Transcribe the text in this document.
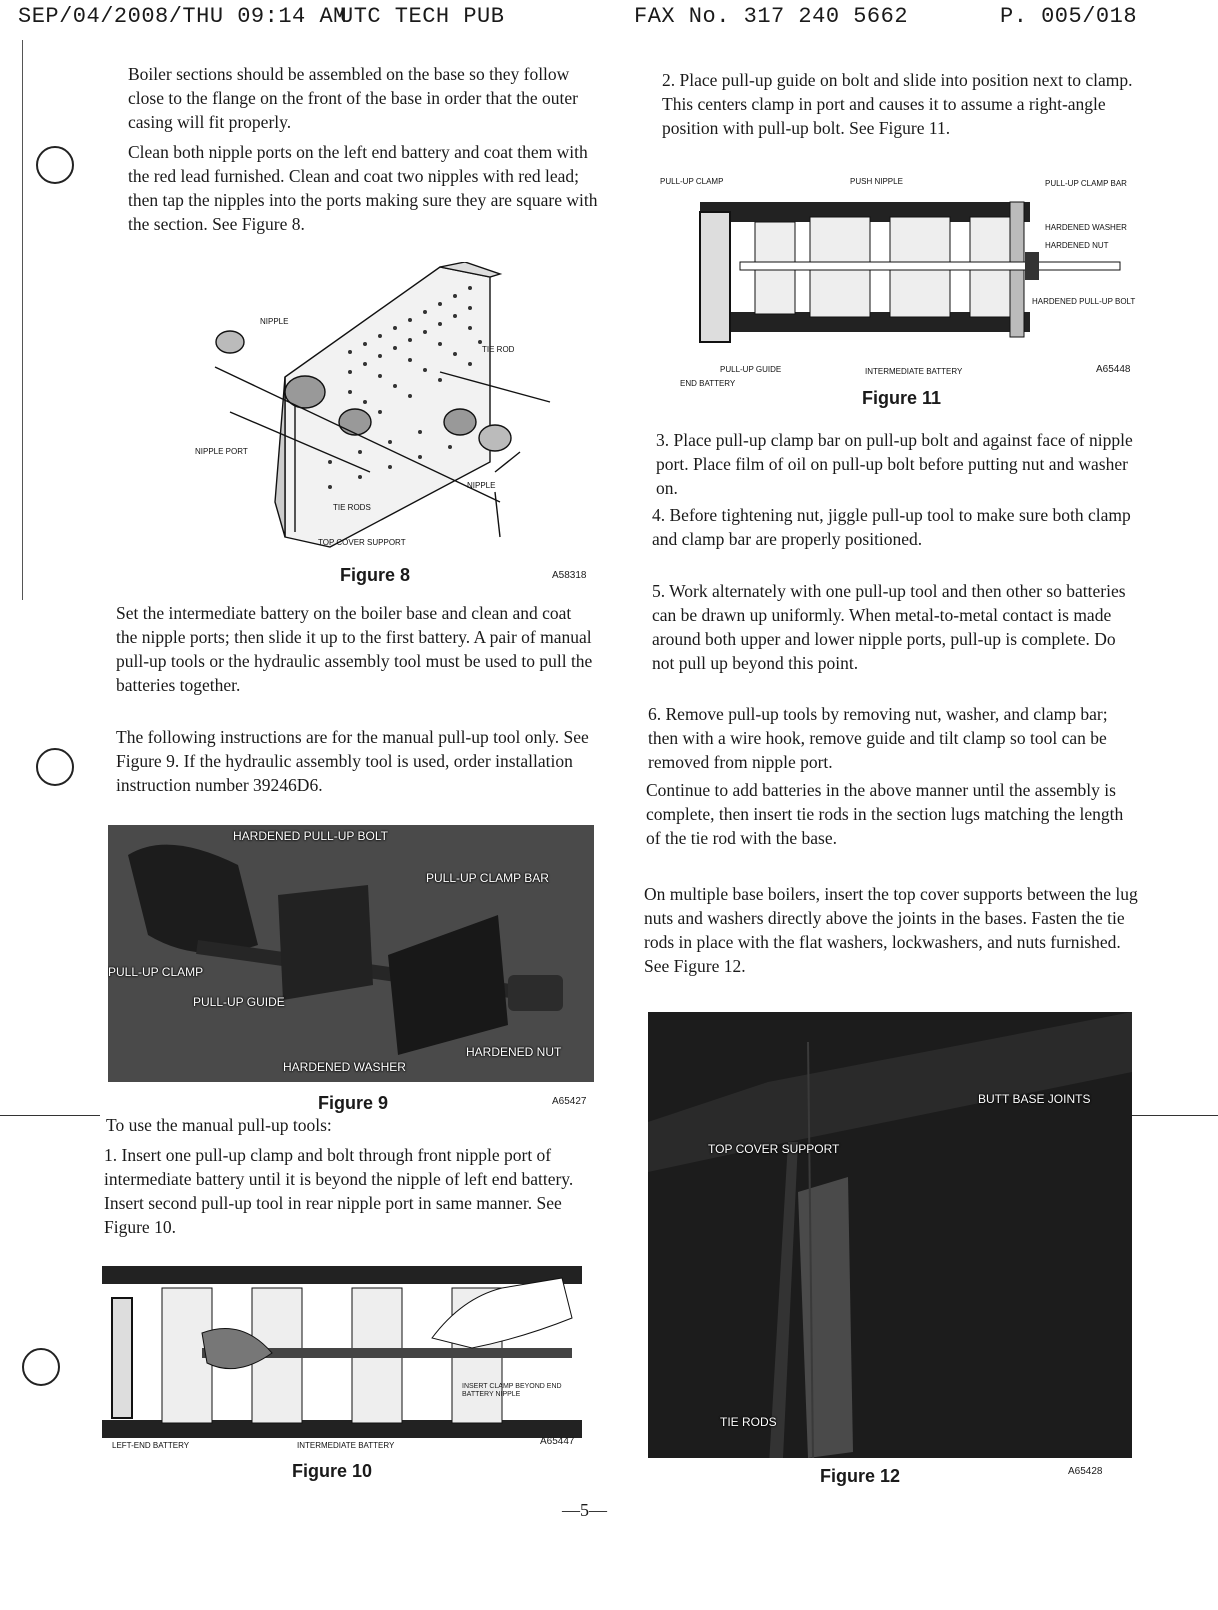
SEP/04/2008/THU 09:14 AM
UTC TECH PUB	FAX No. 317 240 5662	P. 005/018

Boiler sections should be assembled on the base so they follow close to the flange on the front of the base in order that the outer casing will fit properly.

Clean both nipple ports on the left end battery and coat them with the red lead furnished. Clean and coat two nipples with red lead; then tap the nipples into the ports making sure they are square with the section. See Figure 8.

NIPPLE
TIE ROD
NIPPLE PORT
NIPPLE
TIE RODS
TOP COVER SUPPORT
Figure 8	A58318

Set the intermediate battery on the boiler base and clean and coat the nipple ports; then slide it up to the first battery. A pair of manual pull-up tools or the hydraulic assembly tool must be used to pull the batteries together.

The following instructions are for the manual pull-up tool only. See Figure 9. If the hydraulic assembly tool is used, order installation instruction number 39246D6.

HARDENED PULL-UP BOLT
PULL-UP CLAMP BAR
PULL-UP CLAMP
PULL-UP GUIDE
HARDENED WASHER
HARDENED NUT
Figure 9	A65427

To use the manual pull-up tools:

1. Insert one pull-up clamp and bolt through front nipple port of intermediate battery until it is beyond the nipple of left end battery. Insert second pull-up tool in rear nipple port in same manner. See Figure 10.

LEFT-END BATTERY	INTERMEDIATE BATTERY
INSERT CLAMP BEYOND END BATTERY NIPPLE
A65447
Figure 10

2. Place pull-up guide on bolt and slide into position next to clamp. This centers clamp in port and causes it to assume a right-angle position with pull-up bolt. See Figure 11.

PULL-UP CLAMP	PUSH NIPPLE	PULL-UP CLAMP BAR
HARDENED WASHER
HARDENED NUT
HARDENED PULL-UP BOLT
PULL-UP GUIDE	INTERMEDIATE BATTERY
END BATTERY
A65448
Figure 11

3. Place pull-up clamp bar on pull-up bolt and against face of nipple port. Place film of oil on pull-up bolt before putting nut and washer on.

4. Before tightening nut, jiggle pull-up tool to make sure both clamp and clamp bar are properly positioned.

5. Work alternately with one pull-up tool and then other so batteries can be drawn up uniformly. When metal-to-metal contact is made around both upper and lower nipple ports, pull-up is complete. Do not pull up beyond this point.

6. Remove pull-up tools by removing nut, washer, and clamp bar; then with a wire hook, remove guide and tilt clamp so tool can be removed from nipple port.

Continue to add batteries in the above manner until the assembly is complete, then insert tie rods in the section lugs matching the length of the tie rod with the base.

On multiple base boilers, insert the top cover supports between the lug nuts and washers directly above the joints in the bases. Fasten the tie rods in place with the flat washers, lockwashers, and nuts furnished. See Figure 12.

BUTT BASE JOINTS
TOP COVER SUPPORT
TIE RODS
Figure 12	A65428
—5—
